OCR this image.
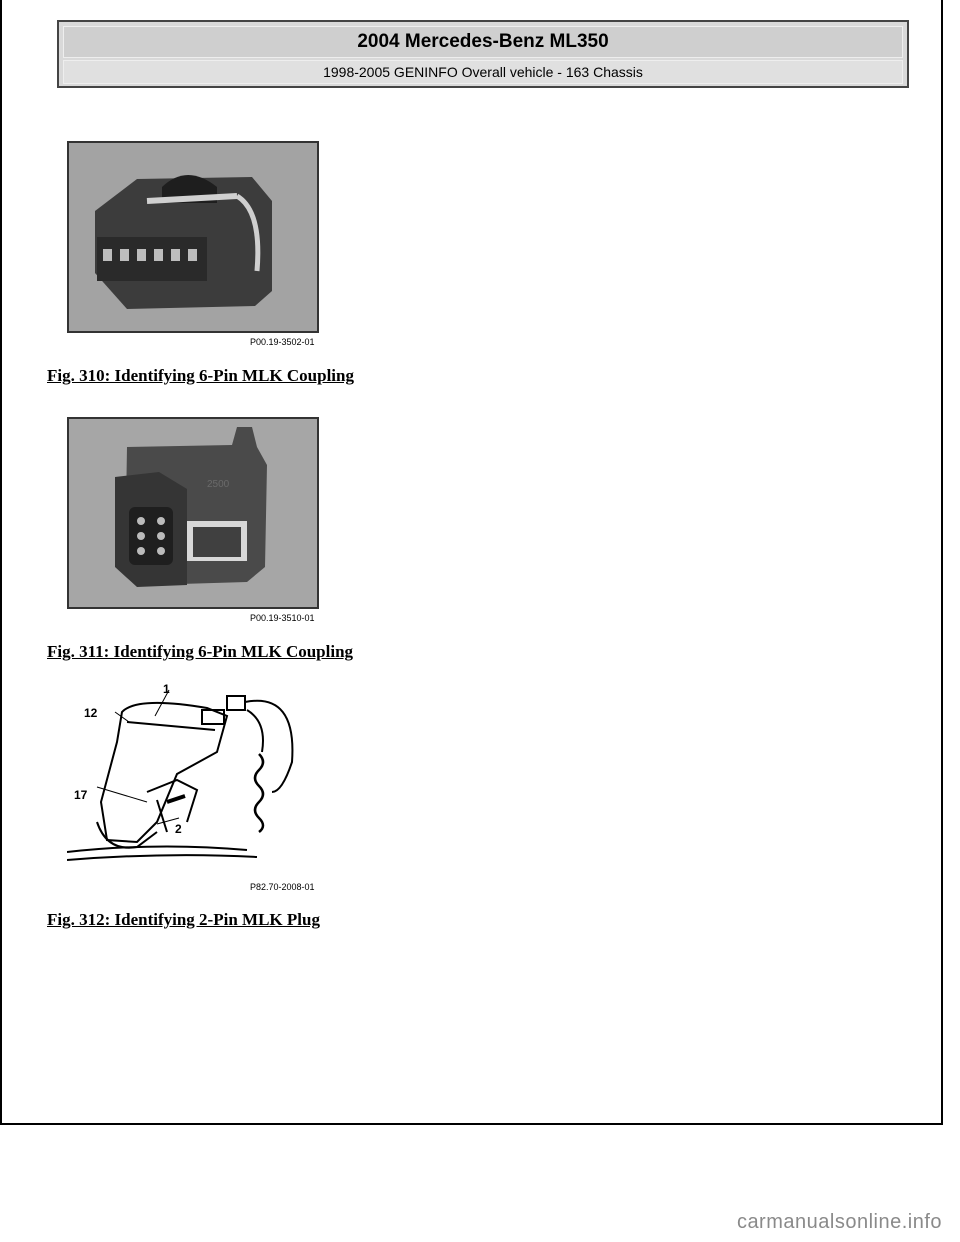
2004 Mercedes-Benz ML350
1998-2005 GENINFO Overall vehicle - 163 Chassis
P00.19-3502-01
Fig. 310: Identifying 6-Pin MLK Coupling
2500
P00.19-3510-01
Fig. 311: Identifying 6-Pin MLK Coupling
1
12
17
2
P82.70-2008-01
Fig. 312: Identifying 2-Pin MLK Plug
carmanualsonline.info
